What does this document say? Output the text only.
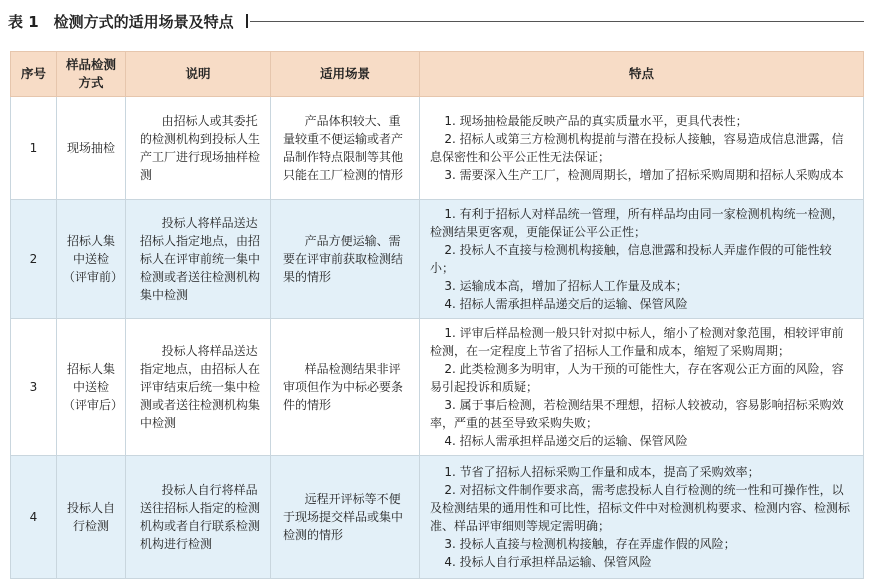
表 1　检测方式的适用场景及特点
序号	样品检测方式	说明	适用场景	特点
1	现场抽检	由招标人或其委托的检测机构到投标人生产工厂进行现场抽样检测	产品体积较大、重量较重不便运输或者产品制作特点限制等其他只能在工厂检测的情形	1. 现场抽检最能反映产品的真实质量水平，更具代表性；
2. 招标人或第三方检测机构提前与潜在投标人接触，容易造成信息泄露，信息保密性和公平公正性无法保证；
3. 需要深入生产工厂，检测周期长，增加了招标采购周期和招标人采购成本

2	招标人集中送检（评审前）	投标人将样品送达招标人指定地点，由招标人在评审前统一集中检测或者送往检测机构集中检测	产品方便运输、需要在评审前获取检测结果的情形	1. 有利于招标人对样品统一管理，所有样品均由同一家检测机构统一检测，检测结果更客观，更能保证公平公正性；
2. 投标人不直接与检测机构接触，信息泄露和投标人弄虚作假的可能性较小；
3. 运输成本高，增加了招标人工作量及成本；
4. 招标人需承担样品递交后的运输、保管风险

3	招标人集中送检（评审后）	投标人将样品送达指定地点，由招标人在评审结束后统一集中检测或者送往检测机构集中检测	样品检测结果非评审项但作为中标必要条件的情形	1. 评审后样品检测一般只针对拟中标人，缩小了检测对象范围，相较评审前检测，在一定程度上节省了招标人工作量和成本，缩短了采购周期；
2. 此类检测多为明审，人为干预的可能性大，存在客观公正方面的风险，容易引起投诉和质疑；
3. 属于事后检测，若检测结果不理想，招标人较被动，容易影响招标采购效率，严重的甚至导致采购失败；
4. 招标人需承担样品递交后的运输、保管风险

4	投标人自行检测	投标人自行将样品送往招标人指定的检测机构或者自行联系检测机构进行检测	远程开评标等不便于现场提交样品或集中检测的情形	1. 节省了招标人招标采购工作量和成本，提高了采购效率；
2. 对招标文件制作要求高，需考虑投标人自行检测的统一性和可操作性，以及检测结果的通用性和可比性，招标文件中对检测机构要求、检测内容、检测标准、样品评审细则等规定需明确；
3. 投标人直接与检测机构接触，存在弄虚作假的风险；
4. 投标人自行承担样品运输、保管风险
